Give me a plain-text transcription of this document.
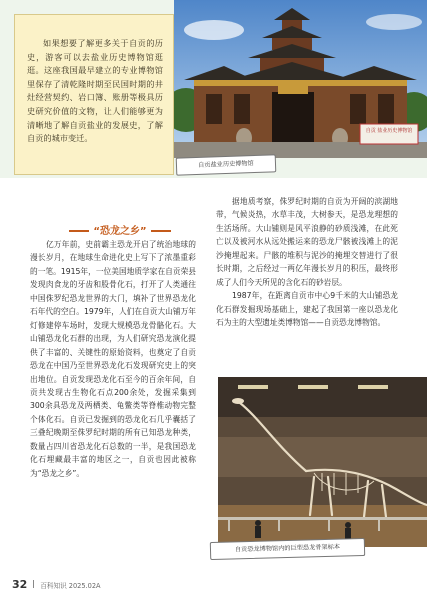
如果想要了解更多关于自贡的历史，游客可以去盐业历史博物馆逛逛。这座我国最早建立的专业博物馆里保存了清乾隆时期至民国时期的井灶经营契约、岩口簿、账册等极具历史研究价值的文物，让人们能够更为清晰地了解自贡盐业的发展史，了解自贡的城市变迁。
自贡 盐业历史博物馆
自贡盐业历史博物馆
“恐龙之乡”

亿万年前，史前霸主恐龙开启了统治地球的漫长岁月，在地球生命进化史上写下了浓墨重彩的一笔。1915年，一位美国地质学家在自贡荣县发现肉食龙的牙齿和股骨化石，打开了人类通往中国侏罗纪恐龙世界的大门，填补了世界恐龙化石年代的空白。1979年，人们在自贡大山铺万年灯修建停车场时，发现大规模恐龙骨骼化石。大山铺恐龙化石群的出现，为人们研究恐龙演化提供了丰富的、关键性的原始资料，也奠定了自贡恐龙在中国乃至世界恐龙化石发现研究史上的突出地位。自贡发现恐龙化石至今的百余年间，自贡共发现古生物化石点200余处，发掘采集到300余具恐龙及两栖类、龟鳖类等脊椎动物完整个体化石。自贡已发掘到的恐龙化石几乎囊括了三叠纪晚期至侏罗纪时期的所有已知恐龙种类，数量占四川省恐龙化石总数的一半，是我国恐龙化石埋藏最丰富的地区之一，自贡也因此被称为“恐龙之乡”。

据地质考察，侏罗纪时期的自贡为开阔的滨湖地带，气候炎热，水草丰茂，大树参天，是恐龙理想的生活场所。大山铺则是风平浪静的砂质浅滩，在此死亡以及被河水从远处搬运来的恐龙尸骸被浅滩上的泥沙掩埋起来。尸骸的堆积与泥沙的掩埋交替进行了很长时期，之后经过一两亿年漫长岁月的积压，最终形成了人们今天所见的含化石的砂岩层。

1987年，在距离自贡市中心9千米的大山铺恐龙化石群发掘现场基础上，建起了我国第一座以恐龙化石为主的大型遗址类博物馆——自贡恐龙博物馆。

自贡恐龙博物馆内的巨型恐龙骨架标本
32 百科知识 2025.02A
